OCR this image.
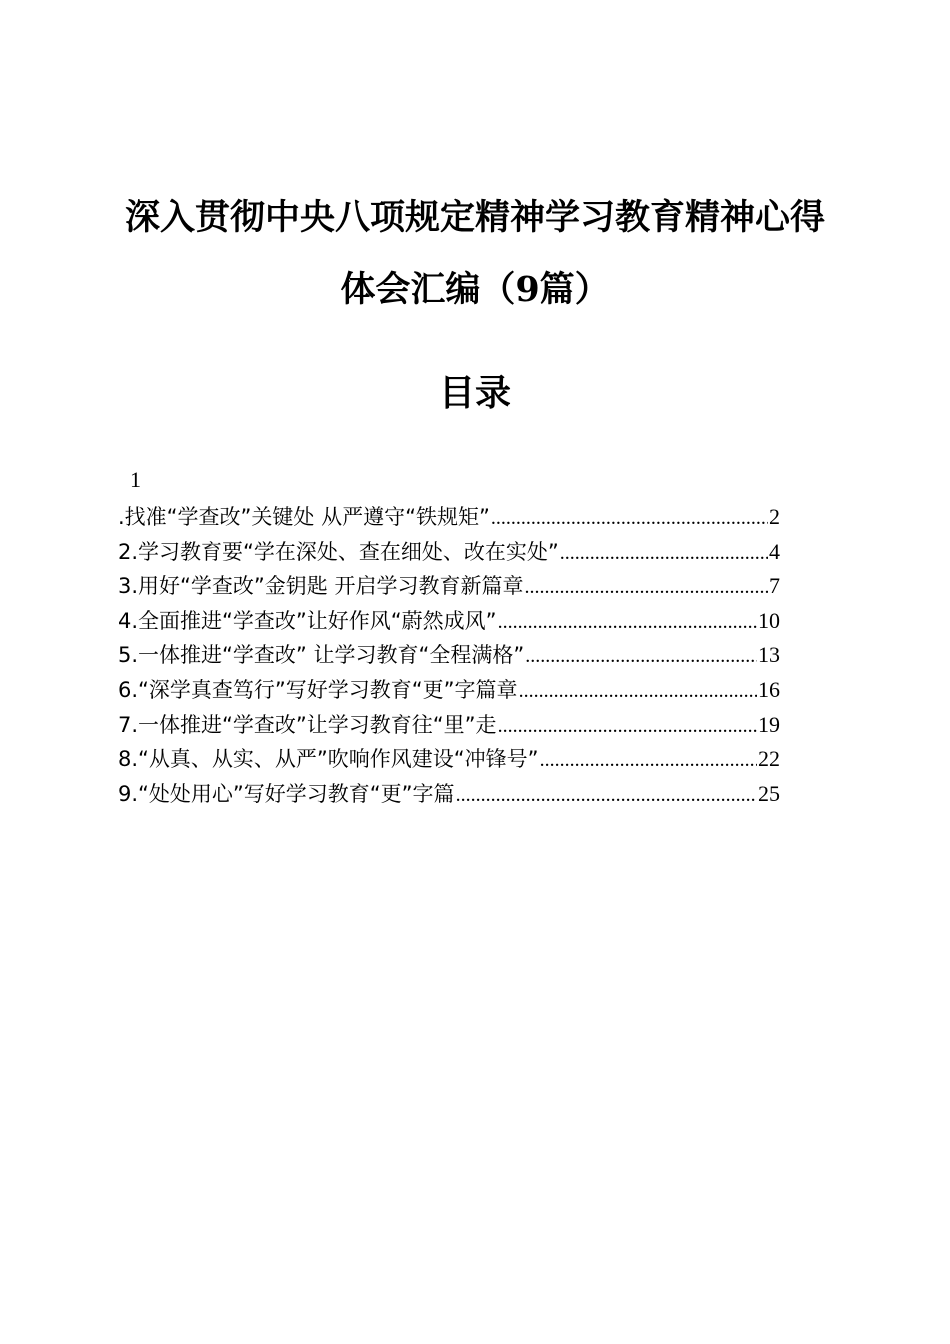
深入贯彻中央八项规定精神学习教育精神心得
体会汇编（9篇）
目录
1
.找准“学查改”关键处 从严遵守“铁规矩” .....	2
2.学习教育要“学在深处、查在细处、改在实处” .....	4
3.用好“学查改”金钥匙 开启学习教育新篇章 .....	7
4.全面推进“学查改”让好作风“蔚然成风” .....	10
5.一体推进“学查改” 让学习教育“全程满格” .....	13
6.“深学真查笃行”写好学习教育“更”字篇章 .....	16
7.一体推进“学查改”让学习教育往“里”走 .....	19
8.“从真、从实、从严”吹响作风建设“冲锋号” .....	22
9.“处处用心”写好学习教育“更”字篇 .....	25
